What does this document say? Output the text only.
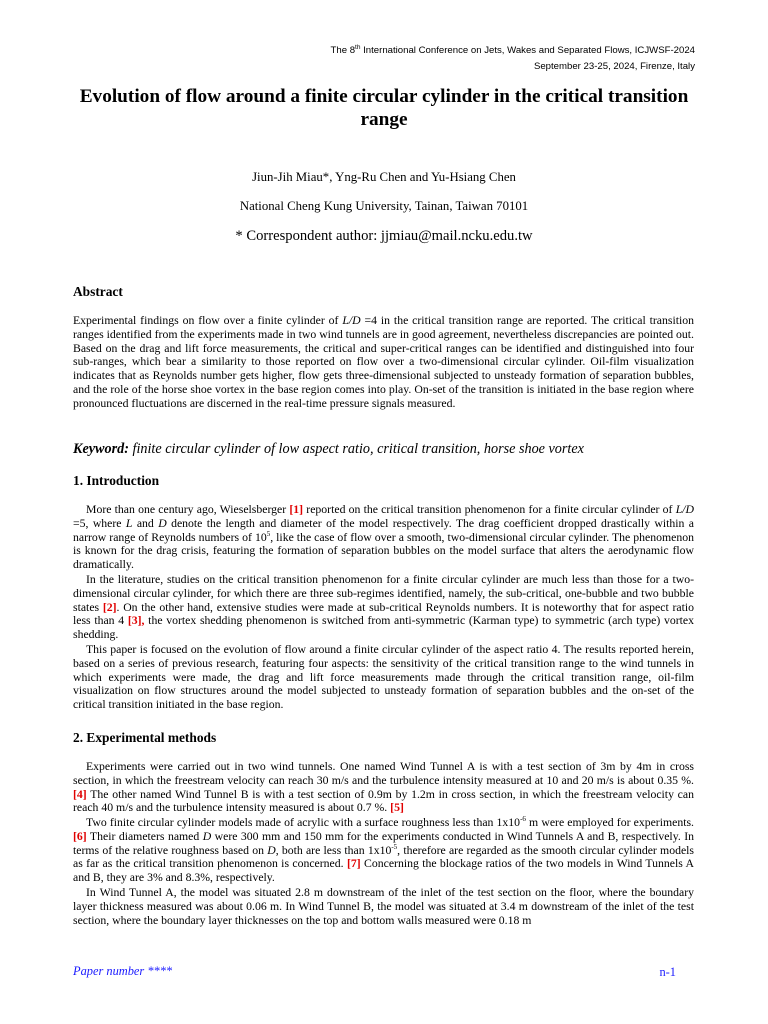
The 8th International Conference on Jets, Wakes and Separated Flows, ICJWSF-2024
September 23-25, 2024, Firenze, Italy
Evolution of flow around a finite circular cylinder in the critical transition range
Jiun-Jih Miau*, Yng-Ru Chen and Yu-Hsiang Chen
National Cheng Kung University, Tainan, Taiwan 70101
* Correspondent author: jjmiau@mail.ncku.edu.tw
Abstract

Experimental findings on flow over a finite cylinder of L/D =4 in the critical transition range are reported. The critical transition ranges identified from the experiments made in two wind tunnels are in good agreement, nevertheless discrepancies are pointed out. Based on the drag and lift force measurements, the critical and super-critical ranges can be identified and distinguished into four sub-ranges, which bear a similarity to those reported on flow over a two-dimensional circular cylinder. Oil-film visualization indicates that as Reynolds number gets higher, flow gets three-dimensional subjected to unsteady formation of separation bubbles, and the role of the horse shoe vortex in the base region comes into play. On-set of the transition is initiated in the base region where pronounced fluctuations are discerned in the real-time pressure signals measured.

Keyword: finite circular cylinder of low aspect ratio, critical transition, horse shoe vortex

1. Introduction

More than one century ago, Wieselsberger [1] reported on the critical transition phenomenon for a finite circular cylinder of L/D =5, where L and D denote the length and diameter of the model respectively. The drag coefficient dropped drastically within a narrow range of Reynolds numbers of $10^5$, like the case of flow over a smooth, two-dimensional circular cylinder. The phenomenon is known for the drag crisis, featuring the formation of separation bubbles on the model surface that alters the aerodynamic flow dramatically.

In the literature, studies on the critical transition phenomenon for a finite circular cylinder are much less than those for a two-dimensional circular cylinder, for which there are three sub-regimes identified, namely, the sub-critical, one-bubble and two bubble states [2]. On the other hand, extensive studies were made at sub-critical Reynolds numbers. It is noteworthy that for aspect ratio less than 4 [3], the vortex shedding phenomenon is switched from anti-symmetric (Karman type) to symmetric (arch type) vortex shedding.

This paper is focused on the evolution of flow around a finite circular cylinder of the aspect ratio 4. The results reported herein, based on a series of previous research, featuring four aspects: the sensitivity of the critical transition range to the wind tunnels in which experiments were made, the drag and lift force measurements made through the critical transition range, oil-film visualization on flow structures around the model subjected to unsteady formation of separation bubbles and the on-set of the critical transition initiated in the base region.

2. Experimental methods

Experiments were carried out in two wind tunnels. One named Wind Tunnel A is with a test section of 3m by 4m in cross section, in which the freestream velocity can reach 30 m/s and the turbulence intensity measured at 10 and 20 m/s is about 0.35 %. [4] The other named Wind Tunnel B is with a test section of 0.9m by 1.2m in cross section, in which the freestream velocity can reach 40 m/s and the turbulence intensity measured is about 0.7 %. [5]

Two finite circular cylinder models made of acrylic with a surface roughness less than $1x10^{-6}$ m were employed for experiments. [6] Their diameters named D were 300 mm and 150 mm for the experiments conducted in Wind Tunnels A and B, respectively. In terms of the relative roughness based on D, both are less than $1x10^{-5}$, therefore are regarded as the smooth circular cylinder models as far as the critical transition phenomenon is concerned. [7] Concerning the blockage ratios of the two models in Wind Tunnels A and B, they are 3% and 8.3%, respectively.

In Wind Tunnel A, the model was situated 2.8 m downstream of the inlet of the test section on the floor, where the boundary layer thickness measured was about 0.06 m. In Wind Tunnel B, the model was situated at 3.4 m downstream of the inlet of the test section, where the boundary layer thicknesses on the top and bottom walls measured were 0.18 m

Paper number ****	n-1
